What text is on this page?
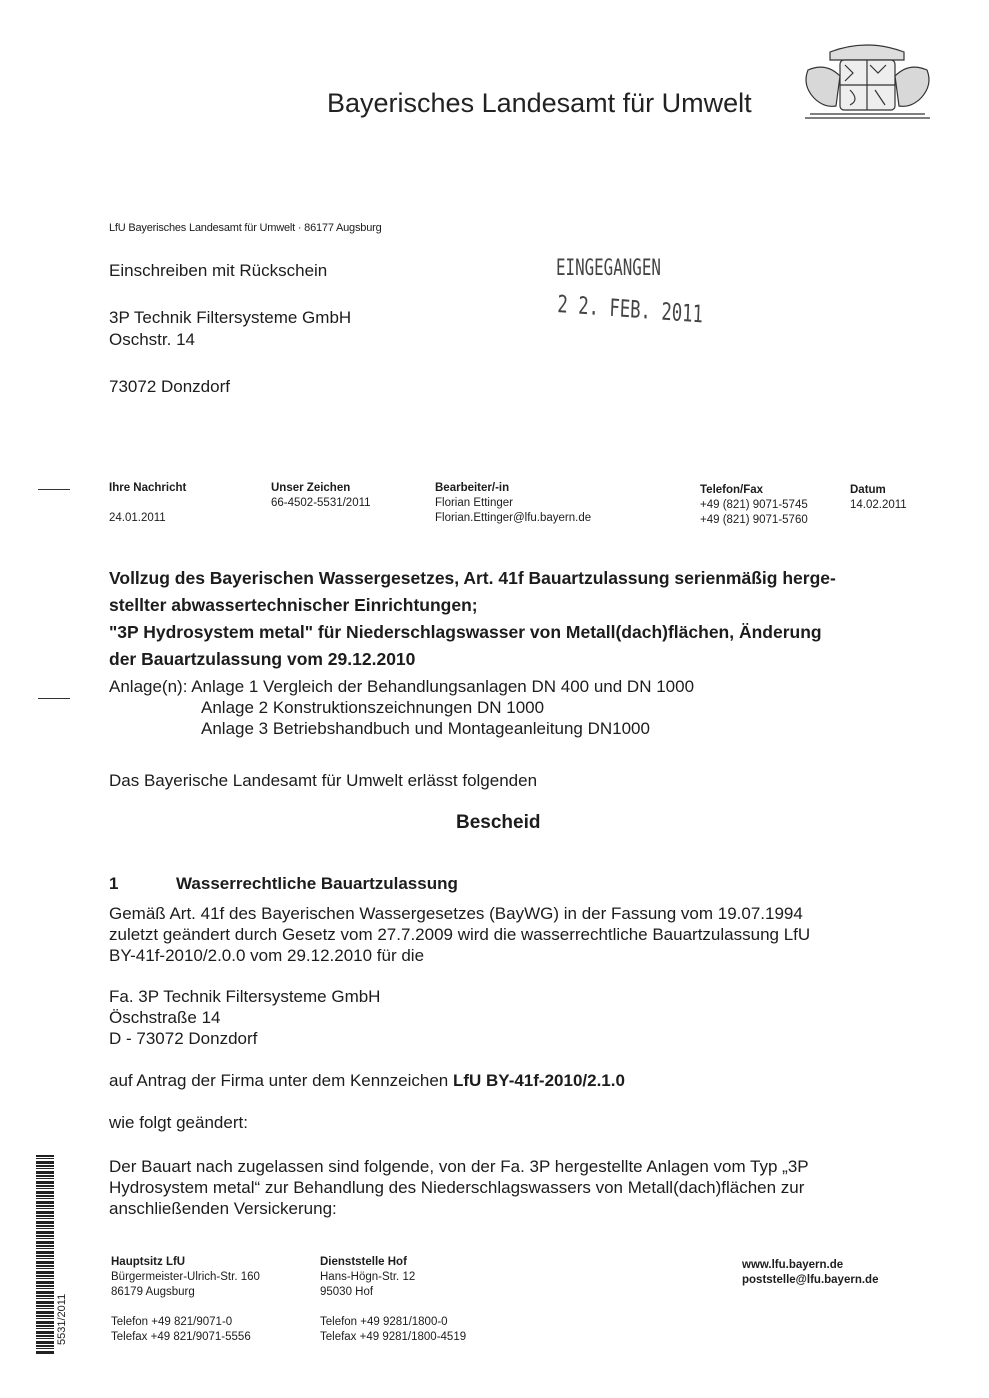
Bayerisches Landesamt für Umwelt
LfU Bayerisches Landesamt für Umwelt · 86177 Augsburg
Einschreiben mit Rückschein
3P Technik Filtersysteme GmbH
Oschstr. 14
73072 Donzdorf
EINGEGANGEN
2 2. FEB. 2011
Ihre Nachricht
24.01.2011
Unser Zeichen
66-4502-5531/2011
Bearbeiter/-in
Florian Ettinger
Florian.Ettinger@lfu.bayern.de
Telefon/Fax
+49 (821) 9071-5745
+49 (821) 9071-5760
Datum
14.02.2011
Vollzug des Bayerischen Wassergesetzes, Art. 41f Bauartzulassung serienmäßig herge-
stellter abwassertechnischer Einrichtungen;
"3P Hydrosystem metal" für Niederschlagswasser von Metall(dach)flächen, Änderung
der Bauartzulassung vom 29.12.2010
Anlage(n): Anlage 1 Vergleich der Behandlungsanlagen DN 400 und DN 1000
Anlage 2 Konstruktionszeichnungen DN 1000
Anlage 3 Betriebshandbuch und Montageanleitung DN1000
Das Bayerische Landesamt für Umwelt erlässt folgenden
Bescheid
1	Wasserrechtliche Bauartzulassung
Gemäß Art. 41f des Bayerischen Wassergesetzes (BayWG) in der Fassung vom 19.07.1994
zuletzt geändert durch Gesetz vom 27.7.2009 wird die wasserrechtliche Bauartzulassung LfU
BY-41f-2010/2.0.0 vom 29.12.2010 für die
Fa. 3P Technik Filtersysteme GmbH
Öschstraße 14
D - 73072 Donzdorf
auf Antrag der Firma unter dem Kennzeichen LfU BY-41f-2010/2.1.0
wie folgt geändert:
Der Bauart nach zugelassen sind folgende, von der Fa. 3P hergestellte Anlagen vom Typ „3P
Hydrosystem metal“ zur Behandlung des Niederschlagswassers von Metall(dach)flächen zur
anschließenden Versickerung:
Hauptsitz LfU
Bürgermeister-Ulrich-Str. 160
86179 Augsburg
Telefon +49 821/9071-0
Telefax +49 821/9071-5556
Dienststelle Hof
Hans-Högn-Str. 12
95030 Hof
Telefon +49 9281/1800-0
Telefax +49 9281/1800-4519
www.lfu.bayern.de
poststelle@lfu.bayern.de
5531/2011
